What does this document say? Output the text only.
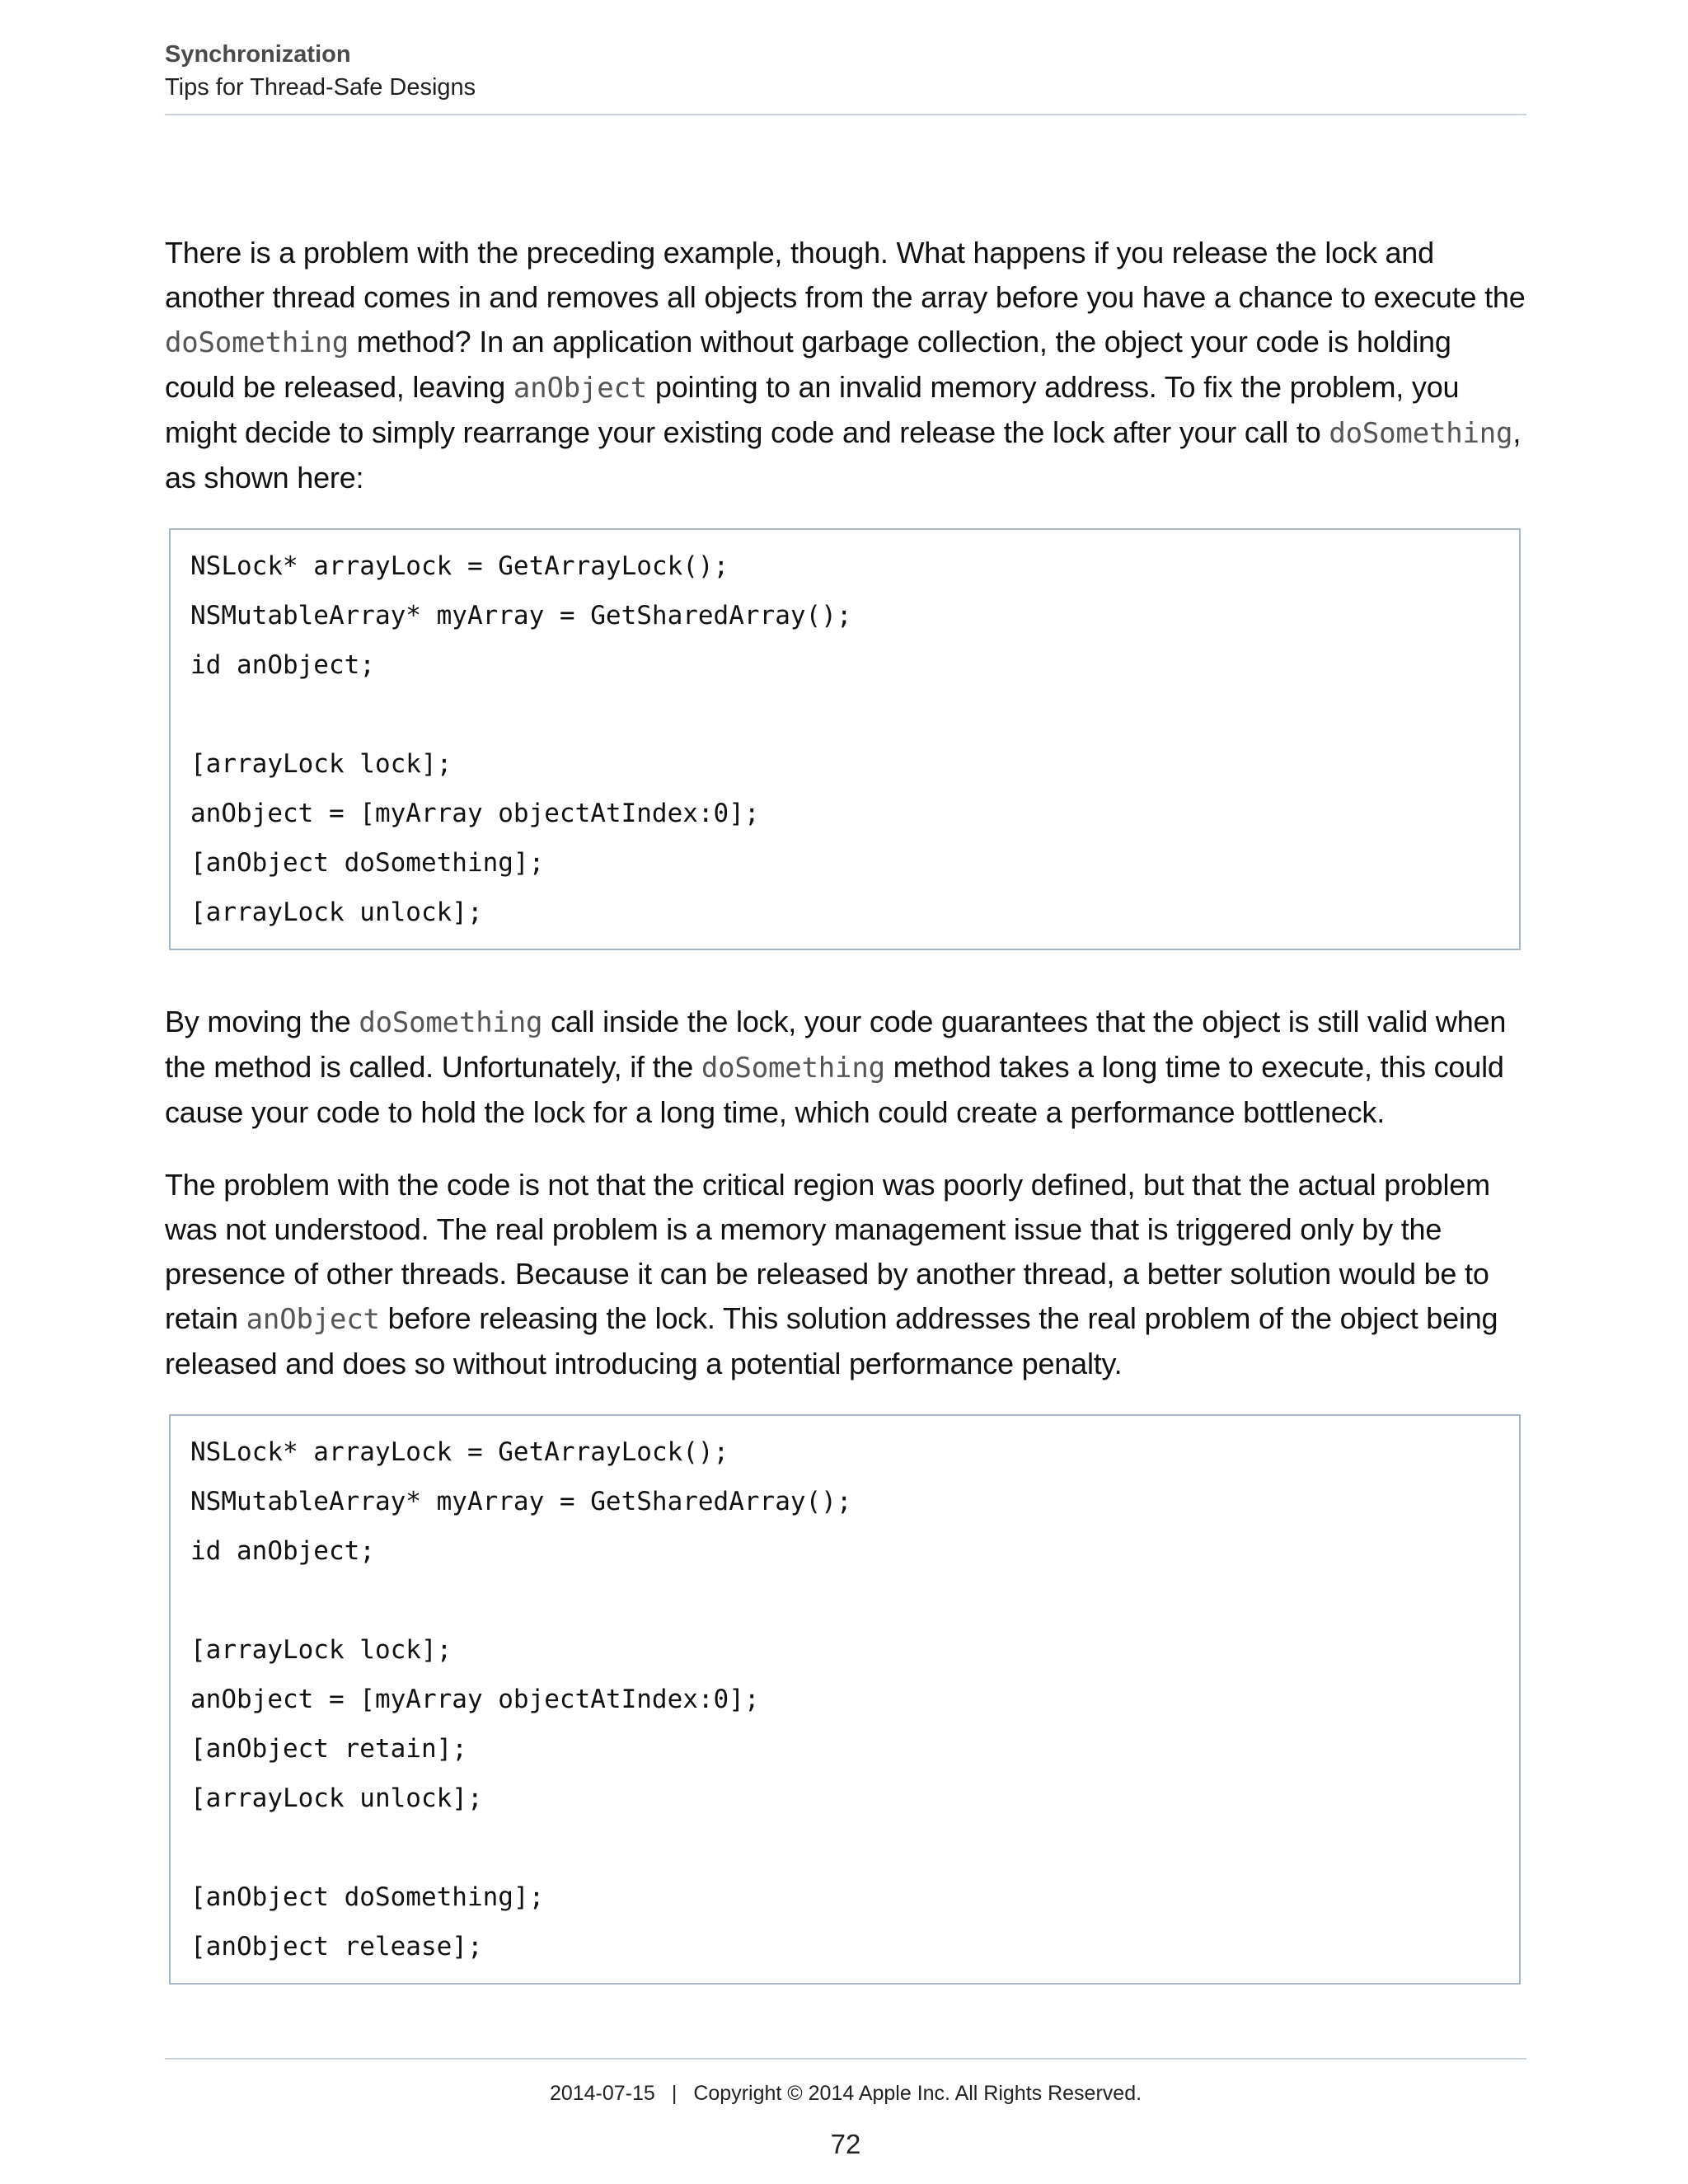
Synchronization
Tips for Thread-Safe Designs

There is a problem with the preceding example, though. What happens if you release the lock and another thread comes in and removes all objects from the array before you have a chance to execute the doSomething method? In an application without garbage collection, the object your code is holding could be released, leaving anObject pointing to an invalid memory address. To fix the problem, you might decide to simply rearrange your existing code and release the lock after your call to doSomething, as shown here:

NSLock* arrayLock = GetArrayLock();
NSMutableArray* myArray = GetSharedArray();
id anObject;
[arrayLock lock];
anObject = [myArray objectAtIndex:0];
[anObject doSomething];
[arrayLock unlock];

By moving the doSomething call inside the lock, your code guarantees that the object is still valid when the method is called. Unfortunately, if the doSomething method takes a long time to execute, this could cause your code to hold the lock for a long time, which could create a performance bottleneck.

The problem with the code is not that the critical region was poorly defined, but that the actual problem was not understood. The real problem is a memory management issue that is triggered only by the presence of other threads. Because it can be released by another thread, a better solution would be to retain anObject before releasing the lock. This solution addresses the real problem of the object being released and does so without introducing a potential performance penalty.

NSLock* arrayLock = GetArrayLock();
NSMutableArray* myArray = GetSharedArray();
id anObject;
[arrayLock lock];
anObject = [myArray objectAtIndex:0];
[anObject retain];
[arrayLock unlock];
[anObject doSomething];
[anObject release];
2014-07-15 | Copyright © 2014 Apple Inc. All Rights Reserved.
72
